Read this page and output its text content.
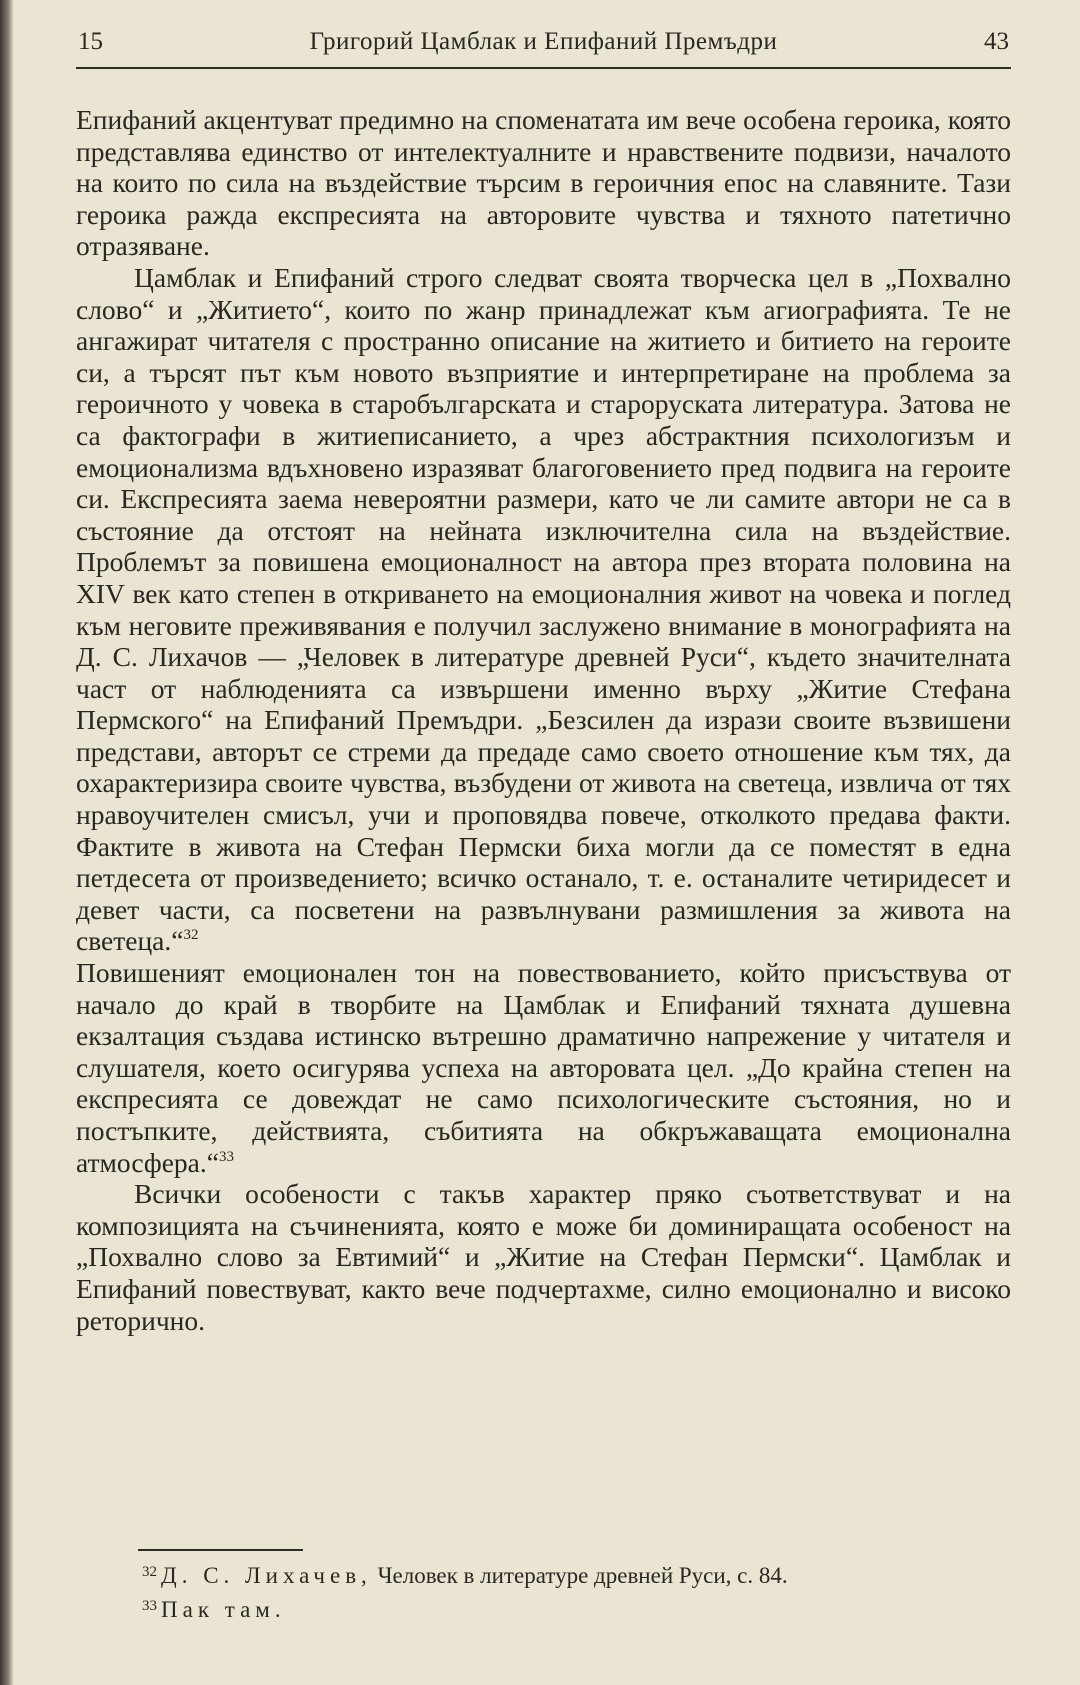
15	Григорий Цамблак и Епифаний Премъдри	43

Епифаний акцентуват предимно на споменатата им вече особена героика, която представлява единство от интелектуалните и нравствените подвизи, началото на които по сила на въздействие търсим в героичния епос на славяните. Тази героика ражда експресията на авторовите чувства и тяхното патетично отразяване.

Цамблак и Епифаний строго следват своята творческа цел в „Похвално слово“ и „Житието“, които по жанр принадлежат към агиографията. Те не ангажират читателя с пространно описание на житието и битието на героите си, а търсят път към новото възприятие и интерпретиране на проблема за героичното у човека в старобългарската и староруската литература. Затова не са фактографи в житиеписанието, а чрез абстрактния психологизъм и емоционализма вдъхновено изразяват благоговението пред подвига на героите си. Експресията заема невероятни размери, като че ли самите автори не са в състояние да отстоят на нейната изключителна сила на въздействие. Проблемът за повишена емоционалност на автора през втората половина на XIV век като степен в откриването на емоционалния живот на човека и поглед към неговите преживявания е получил заслужено внимание в монографията на Д. С. Лихачов — „Человек в литературе древней Руси“, където значителната част от наблюденията са извършени именно върху „Житие Стефана Пермского“ на Епифаний Премъдри. „Безсилен да изрази своите възвишени представи, авторът се стреми да предаде само своето отношение към тях, да охарактеризира своите чувства, възбудени от живота на светеца, извлича от тях нравоучителен смисъл, учи и проповядва повече, отколкото предава факти. Фактите в живота на Стефан Пермски биха могли да се поместят в една петдесета от произведението; всичко останало, т. е. останалите четиридесет и девет части, са посветени на развълнувани размишления за живота на светеца.“$^{32}$

Повишеният емоционален тон на повествованието, който присъствува от начало до край в творбите на Цамблак и Епифаний тяхната душевна екзалтация създава истинско вътрешно драматично напрежение у читателя и слушателя, което осигурява успеха на авторовата цел. „До крайна степен на експресията се довеждат не само психологическите състояния, но и постъпките, действията, събитията на обкръжаващата емоционална атмосфера.“$^{33}$

Всички особености с такъв характер пряко съответствуват и на композицията на съчиненията, която е може би доминиращата особеност на „Похвално слово за Евтимий“ и „Житие на Стефан Пермски“. Цамблак и Епифаний повествуват, както вече подчертахме, силно емоционално и високо реторично.

$^{32}$ Д. С. Лихачев, Человек в литературе древней Руси, с. 84.
$^{33}$ Пак там.
